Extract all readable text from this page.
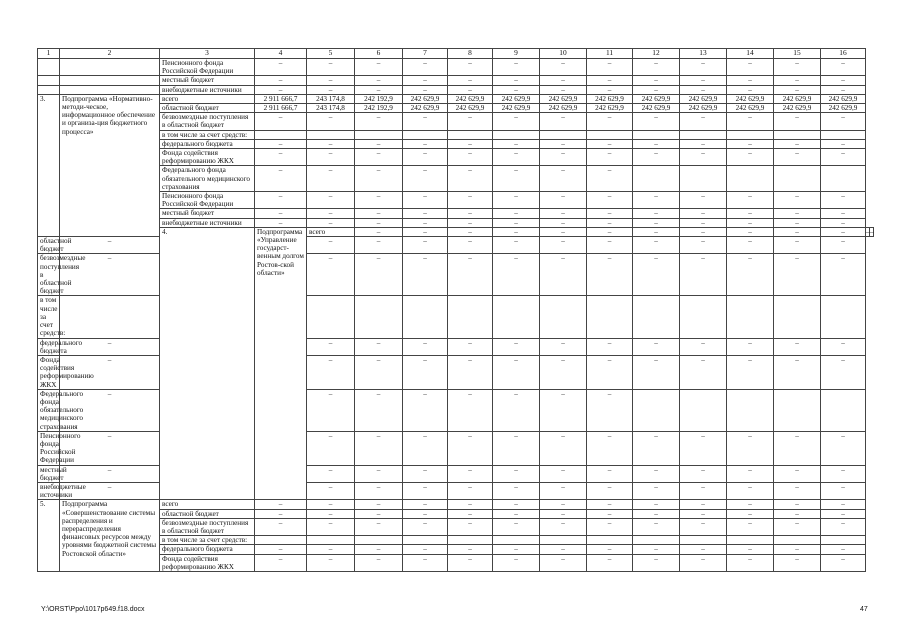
1	2	3	4	5	6	7	8	9	10	11	12	13	14	15	16		
		Пенсионного фонда Российской Федерации	–	–	–	–	–	–	–	–	–	–	–	–	–		
		местный бюджет	–	–	–	–	–	–	–	–	–	–	–	–	–		
		внебюджетные источники	–	–	–	–	–	–	–	–	–	–	–	–	–		
3.	Подпрограмма «Нормативно-методи-ческое, информационное обеспечение и организа-ция бюджетного процесса»	всего	2 911 666,7	243 174,8	242 192,9	242 629,9	242 629,9	242 629,9	242 629,9	242 629,9	242 629,9	242 629,9	242 629,9	242 629,9	242 629,9		
		областной бюджет	2 911 666,7	243 174,8	242 192,9	242 629,9	242 629,9	242 629,9	242 629,9	242 629,9	242 629,9	242 629,9	242 629,9	242 629,9	242 629,9		
		безвозмездные поступления в областной бюджет	–	–	–	–	–	–	–	–	–	–	–	–	–		
		в том числе за счет средств:															
		федерального бюджета	–	–	–	–	–	–	–	–	–	–	–	–	–		
		Фонда содействия реформированию ЖКХ	–	–	–	–	–	–	–	–	–	–	–	–	–		
		Федерального фонда обязательного медицинского страхования	–	–	–	–	–	–	–	–							
		Пенсионного фонда Российской Федерации	–	–	–	–	–	–	–	–	–	–	–	–	–		
		местный бюджет	–	–	–	–	–	–	–	–	–	–	–	–	–		
		внебюджетные источники	–	–	–	–	–	–	–	–	–	–	–	–	–		
		4.	Подпрограмма «Управление государст-венным долгом Ростов-ской области»	всего	–	–	–	–	–	–	–	–	–	–	–	–	–
областной бюджет	–			–	–	–	–	–	–	–	–	–	–	–	–		
безвозмездные поступления в областной бюджет	–			–	–	–	–	–	–	–	–	–	–	–	–		
в том числе за счет средств:																	
федерального бюджета	–			–	–	–	–	–	–	–	–	–	–	–	–		
Фонда содействия реформированию ЖКХ	–			–	–	–	–	–	–	–	–	–	–	–	–		
Федерального фонда обязательного медицинского страхования	–			–	–	–	–	–	–	–							
Пенсионного фонда Российской Федерации	–			–	–	–	–	–	–	–	–	–	–	–	–		
местный бюджет	–			–	–	–	–	–	–	–	–	–	–	–	–		
внебюджетные источники	–			–	–	–	–	–	–	–	–	–	–	–	–		
5.	Подпрограмма «Совершенствование системы распределения и перераспределения финансовых ресурсов между уровнями бюджетной системы Ростовской области»	всего	–	–	–	–	–	–	–	–	–	–	–	–	–		
		областной бюджет	–	–	–	–	–	–	–	–	–	–	–	–	–		
		безвозмездные поступления в областной бюджет	–	–	–	–	–	–	–	–	–	–	–	–	–		
		в том числе за счет средств:															
		федерального бюджета	–	–	–	–	–	–	–	–	–	–	–	–	–		
		Фонда содействия реформированию ЖКХ	–	–	–	–	–	–	–	–	–	–	–	–	–		
Y:\ORST\Ppo\1017p649.f18.docx	47
